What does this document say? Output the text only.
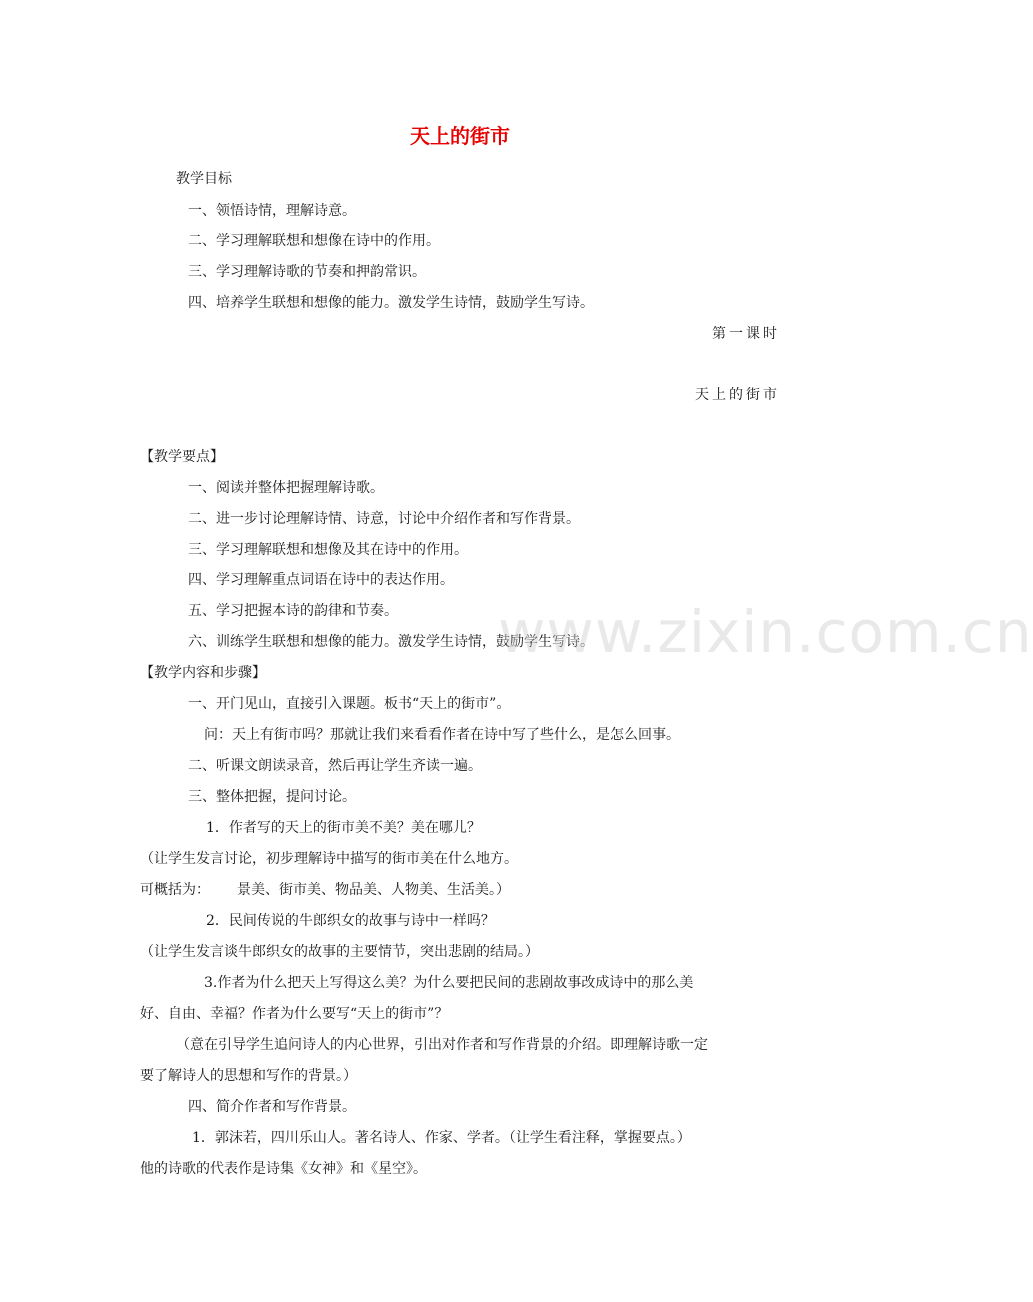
天上的街市
教学目标
一、领悟诗情，理解诗意。
二、学习理解联想和想像在诗中的作用。
三、学习理解诗歌的节奏和押韵常识。
四、培养学生联想和想像的能力。激发学生诗情，鼓励学生写诗。
第一课时
天上的街市
【教学要点】
一、阅读并整体把握理解诗歌。
二、进一步讨论理解诗情、诗意，讨论中介绍作者和写作背景。
三、学习理解联想和想像及其在诗中的作用。
四、学习理解重点词语在诗中的表达作用。
五、学习把握本诗的韵律和节奏。
六、训练学生联想和想像的能力。激发学生诗情，鼓励学生写诗。
www.zixin.com.cn
【教学内容和步骤】
一、开门见山，直接引入课题。板书“天上的街市”。
问：天上有街市吗？那就让我们来看看作者在诗中写了些什么，是怎么回事。
二、听课文朗读录音，然后再让学生齐读一遍。
三、整体把握，提问讨论。
1．作者写的天上的街市美不美？美在哪儿？
（让学生发言讨论，初步理解诗中描写的街市美在什么地方。
可概括为： 景美、街市美、物品美、人物美、生活美。）
2．民间传说的牛郎织女的故事与诗中一样吗？
（让学生发言谈牛郎织女的故事的主要情节，突出悲剧的结局。）
3.作者为什么把天上写得这么美？为什么要把民间的悲剧故事改成诗中的那么美
好、自由、幸福？作者为什么要写“天上的街市”？
（意在引导学生追问诗人的内心世界，引出对作者和写作背景的介绍。即理解诗歌一定
要了解诗人的思想和写作的背景。）
四、简介作者和写作背景。
1．郭沫若，四川乐山人。著名诗人、作家、学者。（让学生看注释，掌握要点。）
他的诗歌的代表作是诗集《女神》和《星空》。
